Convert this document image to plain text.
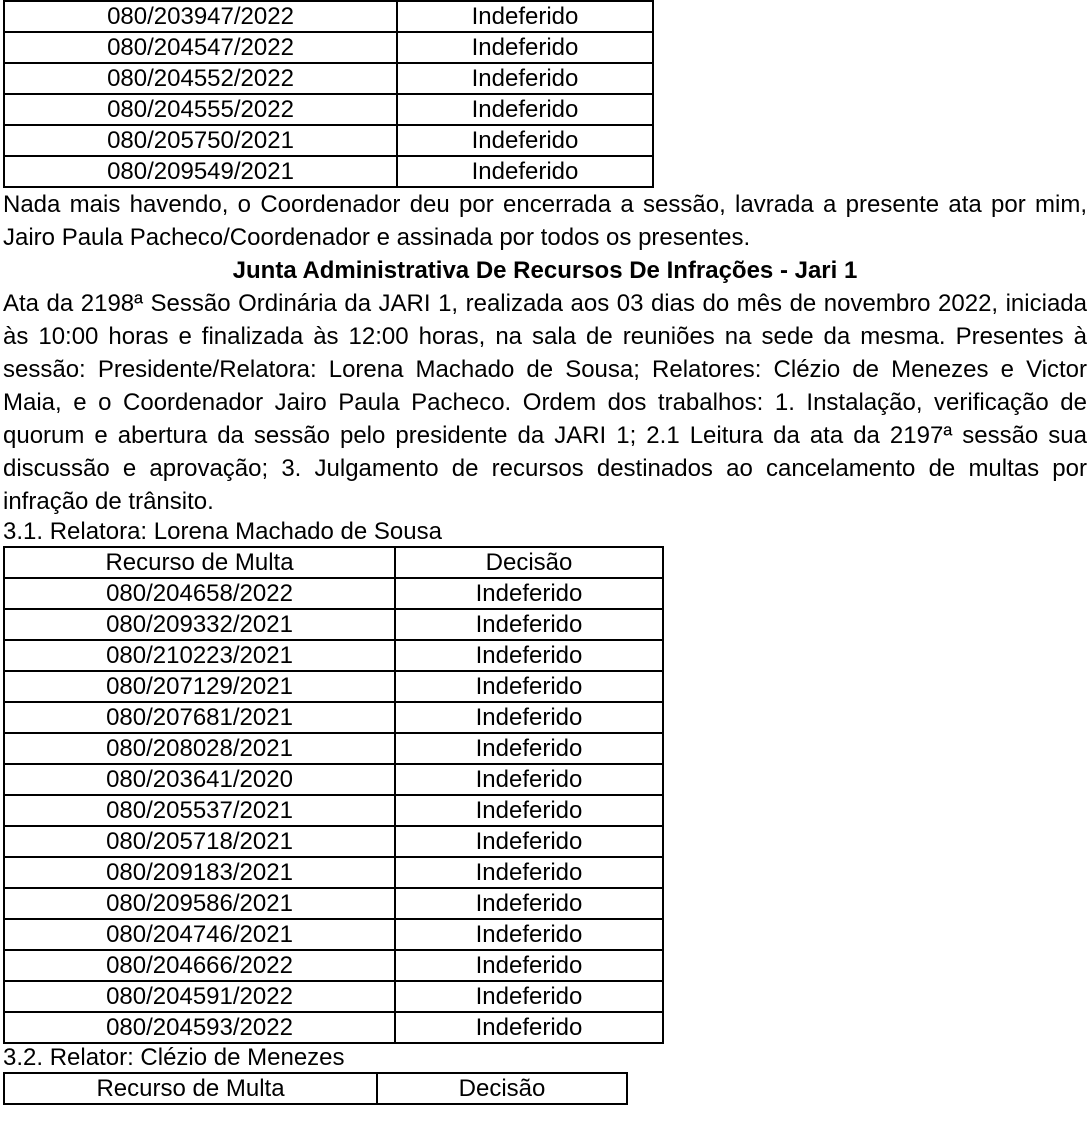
080/203947/2022	Indeferido
080/204547/2022	Indeferido
080/204552/2022	Indeferido
080/204555/2022	Indeferido
080/205750/2021	Indeferido
080/209549/2021	Indeferido

Nada mais havendo, o Coordenador deu por encerrada a sessão, lavrada a presente ata por mim, Jairo Paula Pacheco/Coordenador e assinada por todos os presentes.

Junta Administrativa De Recursos De Infrações - Jari 1

Ata da 2198ª Sessão Ordinária da JARI 1, realizada aos 03 dias do mês de novembro 2022, iniciada às 10:00 horas e finalizada às 12:00 horas, na sala de reuniões na sede da mesma. Presentes à sessão: Presidente/Relatora: Lorena Machado de Sousa; Relatores: Clézio de Menezes e Victor Maia, e o Coordenador Jairo Paula Pacheco. Ordem dos trabalhos: 1. Instalação, verificação de quorum e abertura da sessão pelo presidente da JARI 1; 2.1 Leitura da ata da 2197ª sessão sua discussão e aprovação; 3. Julgamento de recursos destinados ao cancelamento de multas por infração de trânsito.

3.1. Relatora: Lorena Machado de Sousa

Recurso de Multa	Decisão
080/204658/2022	Indeferido
080/209332/2021	Indeferido
080/210223/2021	Indeferido
080/207129/2021	Indeferido
080/207681/2021	Indeferido
080/208028/2021	Indeferido
080/203641/2020	Indeferido
080/205537/2021	Indeferido
080/205718/2021	Indeferido
080/209183/2021	Indeferido
080/209586/2021	Indeferido
080/204746/2021	Indeferido
080/204666/2022	Indeferido
080/204591/2022	Indeferido
080/204593/2022	Indeferido

3.2. Relator: Clézio de Menezes

Recurso de Multa	Decisão
